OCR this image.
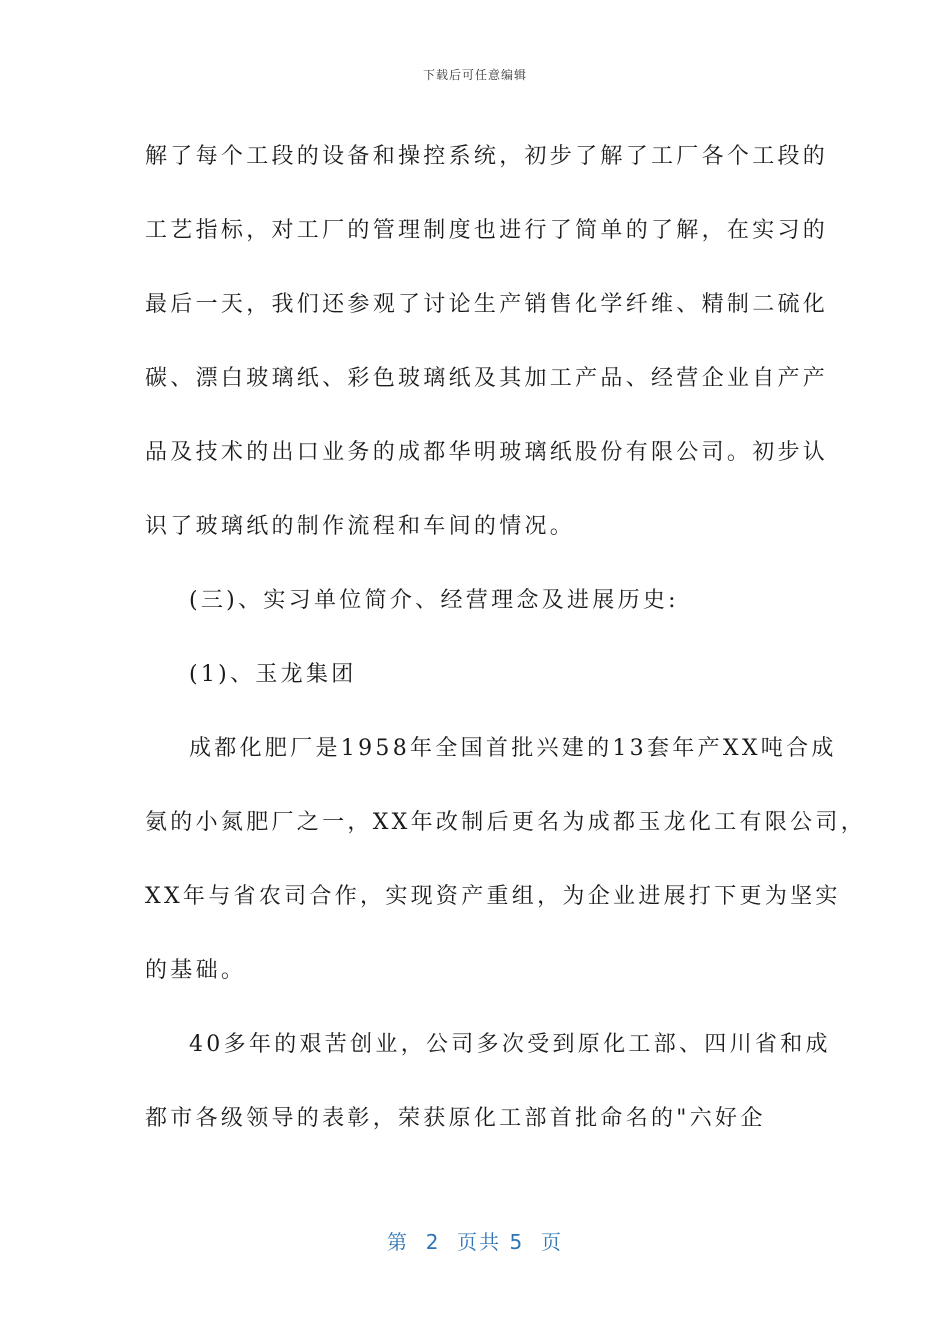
下载后可任意编辑

解了每个工段的设备和操控系统，初步了解了工厂各个工段的
工艺指标，对工厂的管理制度也进行了简单的了解，在实习的
最后一天，我们还参观了讨论生产销售化学纤维、精制二硫化
碳、漂白玻璃纸、彩色玻璃纸及其加工产品、经营企业自产产
品及技术的出口业务的成都华明玻璃纸股份有限公司。初步认
识了玻璃纸的制作流程和车间的情况。

(三)、实习单位简介、经营理念及进展历史:

(1)、玉龙集团

成都化肥厂是1958年全国首批兴建的13套年产XX吨合成
氨的小氮肥厂之一，XX年改制后更名为成都玉龙化工有限公司，
XX年与省农司合作，实现资产重组，为企业进展打下更为坚实
的基础。

40多年的艰苦创业，公司多次受到原化工部、四川省和成
都市各级领导的表彰，荣获原化工部首批命名的"六好企

第  2  页共 5  页
